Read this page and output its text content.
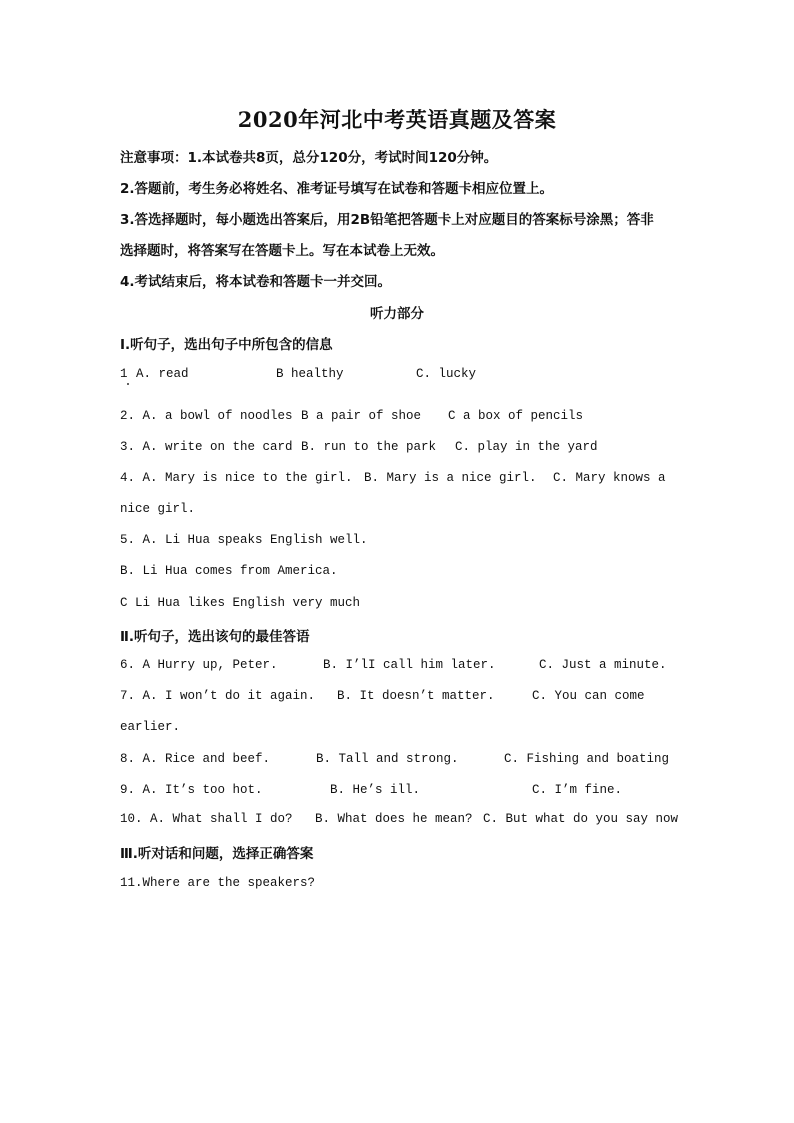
2020年河北中考英语真题及答案
注意事项：1.本试卷共8页，总分120分，考试时间120分钟。
2.答题前，考生务必将姓名、准考证号填写在试卷和答题卡相应位置上。
3.答选择题时，每小题选出答案后，用2B铅笔把答题卡上对应题目的答案标号涂黑；答非
选择题时，将答案写在答题卡上。写在本试卷上无效。
4.考试结束后，将本试卷和答题卡一并交回。
听力部分
Ⅰ.听句子，选出句子中所包含的信息

1

A. read

	B healthy

	C. lucky

2. A. a bowl of noodles

B a pair of shoe

C a box of pencils

3. A. write on the card

B. run to the park

C. play in the yard

4. A. Mary is nice to the girl.

B. Mary is a nice girl.

C. Mary knows a

nice girl.
5. A. Li Hua speaks English well.
B. Li Hua comes from America.
C Li Hua likes English very much
Ⅱ.听句子，选出该句的最佳答语

6. A Hurry up, Peter.

	B. I’lI call him later.

	C. Just a minute.

7. A. I won’t do it again.

B. It doesn’t matter.

	C. You can come

earlier.

8. A. Rice and beef.

	B. Tall and strong.

	C. Fishing and boating

9. A. It’s too hot.

	B. He’s ill.

	C. I’m fine.

10. A. What shall I do?

B. What does he mean?

C. But what do you say now

Ⅲ.听对话和问题，选择正确答案
11.Where are the speakers?
